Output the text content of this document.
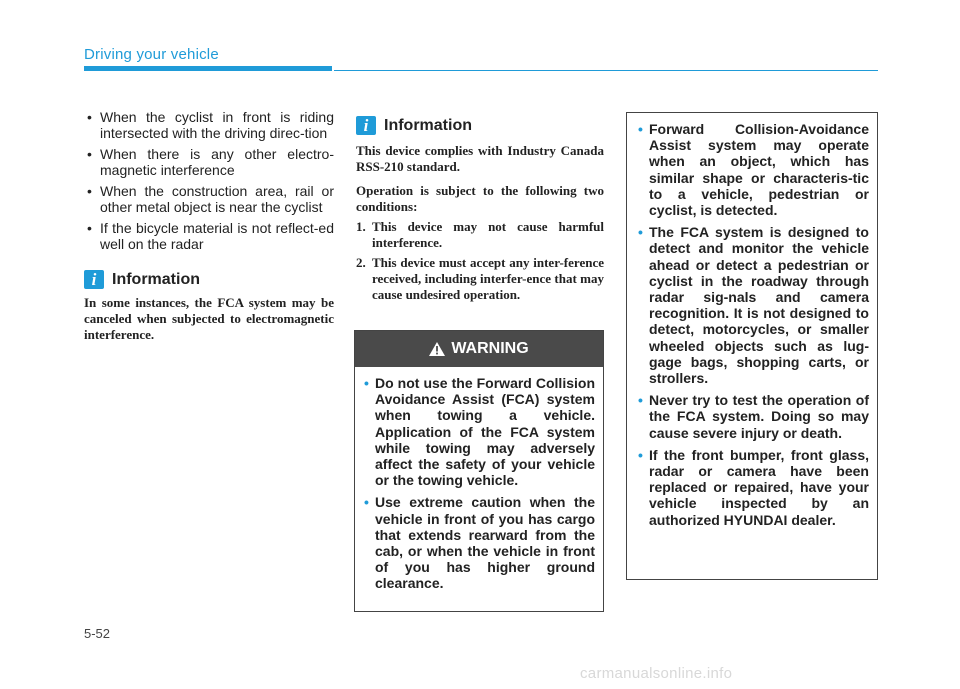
Driving your vehicle
• When the cyclist in front is riding intersected with the driving direc-tion
• When there is any other electro-magnetic interference
• When the construction area, rail or other metal object is near the cyclist
• If the bicycle material is not reflect-ed well on the radar
i Information

In some instances, the FCA system may be canceled when subjected to electromagnetic interference.

i Information

This device complies with Industry Canada RSS-210 standard.

Operation is subject to the following two conditions:

1. This device may not cause harmful interference.
2. This device must accept any inter-ference received, including interfer-ence that may cause undesired operation.
WARNING
• Do not use the Forward Collision Avoidance Assist (FCA) system when towing a vehicle. Application of the FCA system while towing may adversely affect the safety of your vehicle or the towing vehicle.
• Use extreme caution when the vehicle in front of you has cargo that extends rearward from the cab, or when the vehicle in front of you has higher ground clearance.
• Forward Collision-Avoidance Assist system may operate when an object, which has similar shape or characteris-tic to a vehicle, pedestrian or cyclist, is detected.
• The FCA system is designed to detect and monitor the vehicle ahead or detect a pedestrian or cyclist in the roadway through radar sig-nals and camera recognition. It is not designed to detect, motorcycles, or smaller wheeled objects such as lug-gage bags, shopping carts, or strollers.
• Never try to test the operation of the FCA system. Doing so may cause severe injury or death.
• If the front bumper, front glass, radar or camera have been replaced or repaired, have your vehicle inspected by an authorized HYUNDAI dealer.
5-52
carmanualsonline.info
